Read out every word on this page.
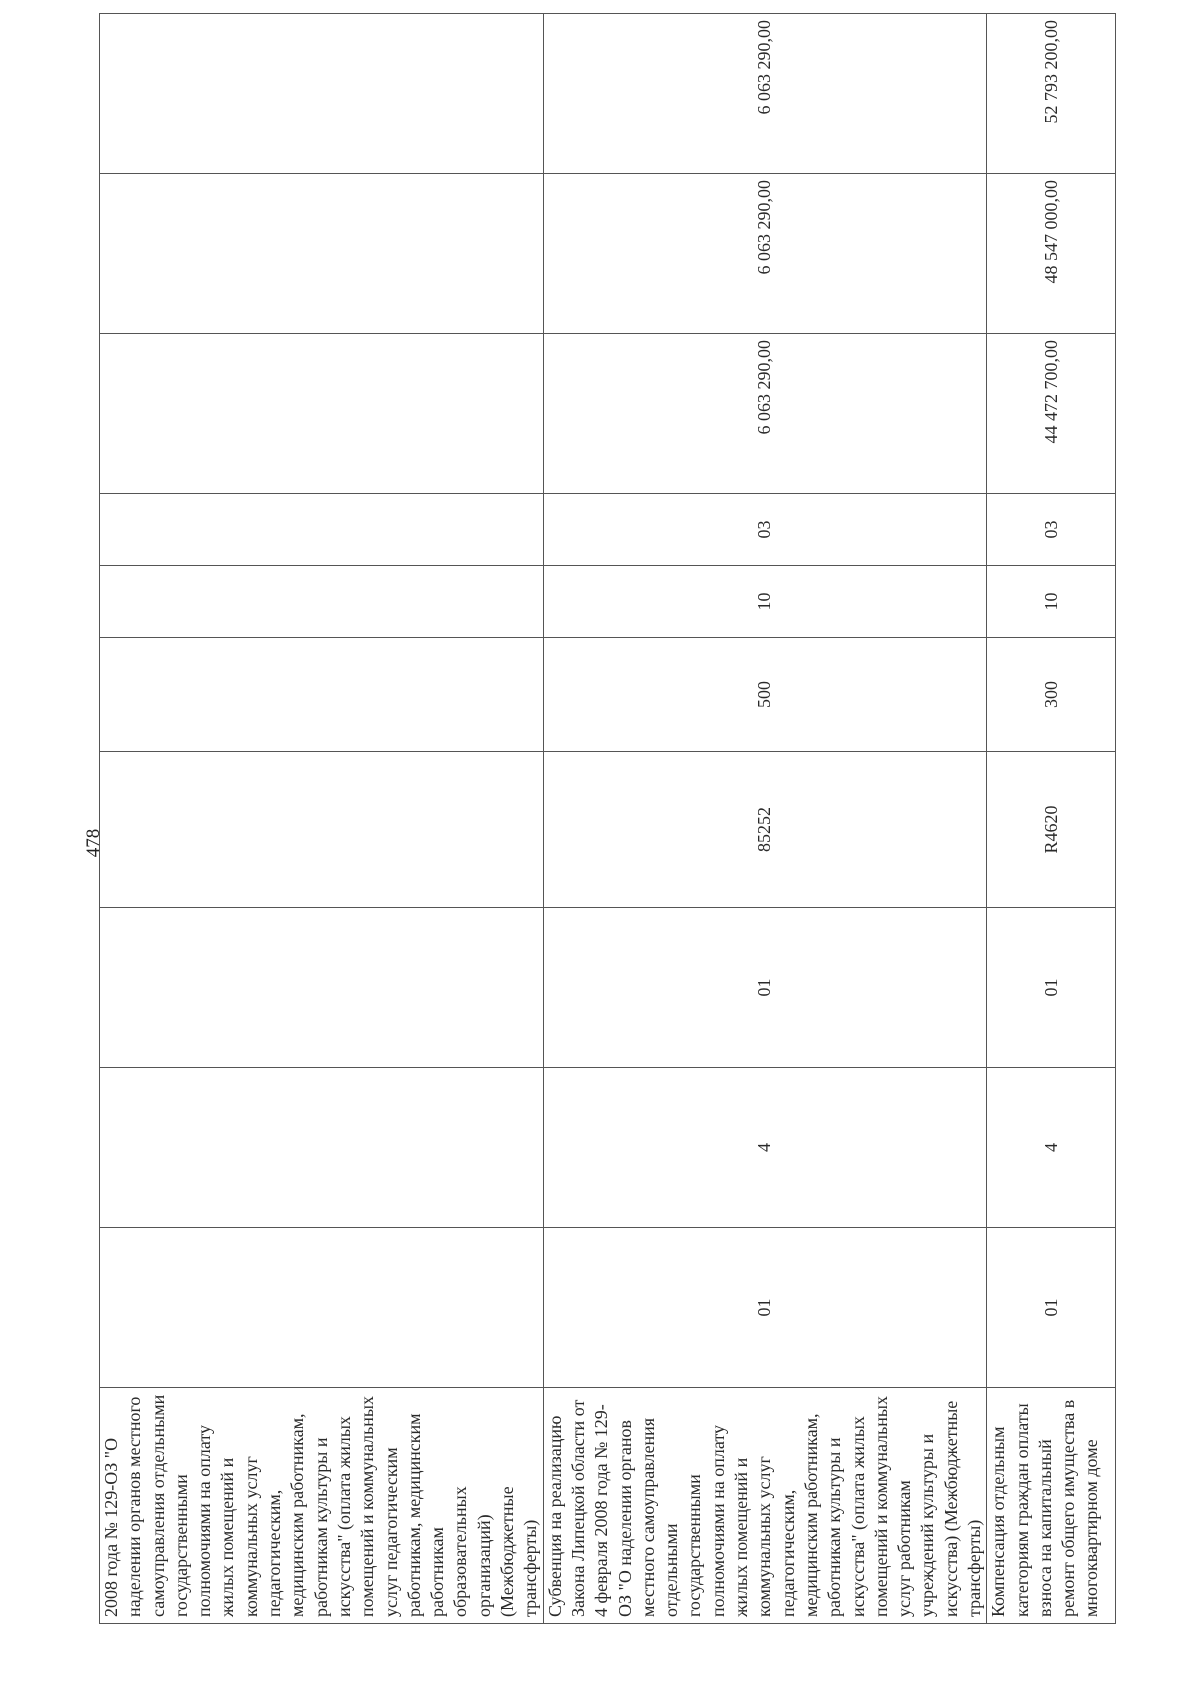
478
2008 года № 129-ОЗ "О наделении органов местного самоуправления отдельными государственными полномочиями на оплату жилых помещений и коммунальных услуг педагогическим, медицинским работникам, работникам культуры и искусства" (оплата жилых помещений и коммунальных услуг педагогическим работникам, медицинским работникам образовательных организаций) (Межбюджетные трансферты)										
Субвенция на реализацию Закона Липецкой области от 4 февраля 2008 года № 129-ОЗ "О наделении органов местного самоуправления отдельными государственными полномочиями на оплату жилых помещений и коммунальных услуг педагогическим, медицинским работникам, работникам культуры и искусства" (оплата жилых помещений и коммунальных услуг работникам учреждений культуры и искусства) (Межбюджетные трансферты)	01	4	01	85252	500	10	03	6 063 290,00	6 063 290,00	6 063 290,00
Компенсация отдельным категориям граждан оплаты взноса на капитальный ремонт общего имущества в многоквартирном доме	01	4	01	R4620	300	10	03	44 472 700,00	48 547 000,00	52 793 200,00
